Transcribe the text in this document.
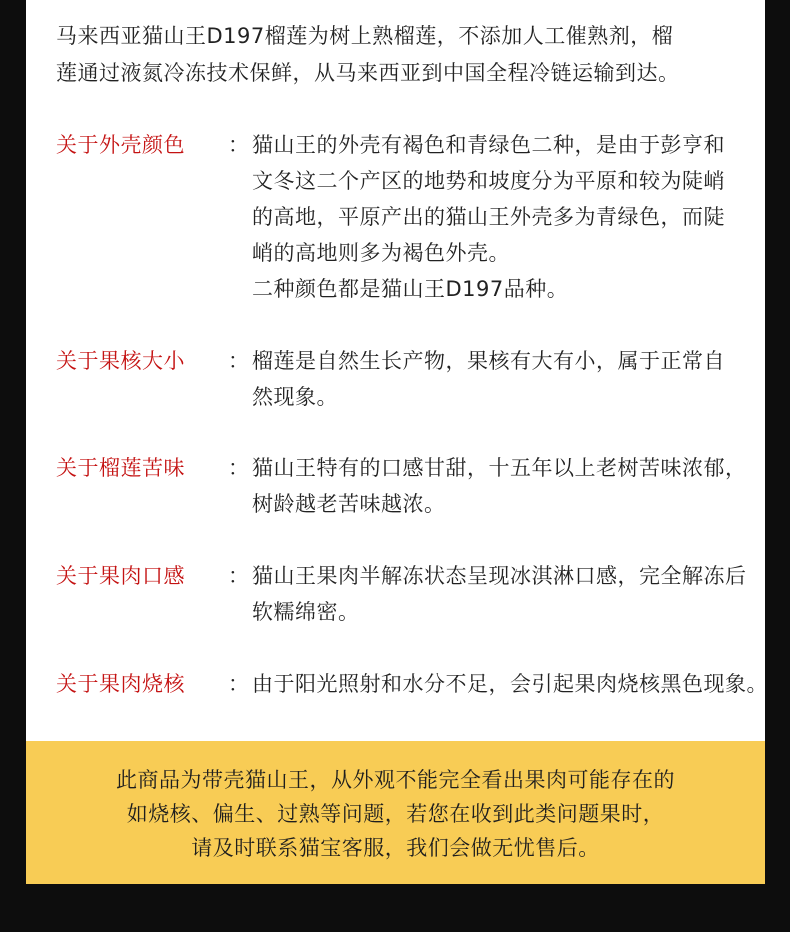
马来西亚猫山王D197榴莲为树上熟榴莲，不添加人工催熟剂，榴
莲通过液氮冷冻技术保鲜，从马来西亚到中国全程冷链运输到达。
关于外壳颜色 ： 猫山王的外壳有褐色和青绿色二种，是由于彭亨和

文冬这二个产区的地势和坡度分为平原和较为陡峭

的高地，平原产出的猫山王外壳多为青绿色，而陡

峭的高地则多为褐色外壳。

二种颜色都是猫山王D197品种。

关于果核大小 ： 榴莲是自然生长产物，果核有大有小，属于正常自

然现象。

关于榴莲苦味 ： 猫山王特有的口感甘甜，十五年以上老树苦味浓郁，

树龄越老苦味越浓。

关于果肉口感 ： 猫山王果肉半解冻状态呈现冰淇淋口感，完全解冻后

软糯绵密。

关于果肉烧核 ： 由于阳光照射和水分不足，会引起果肉烧核黑色现象。

此商品为带壳猫山王，从外观不能完全看出果肉可能存在的
如烧核、偏生、过熟等问题，若您在收到此类问题果时，
请及时联系猫宝客服，我们会做无忧售后。
